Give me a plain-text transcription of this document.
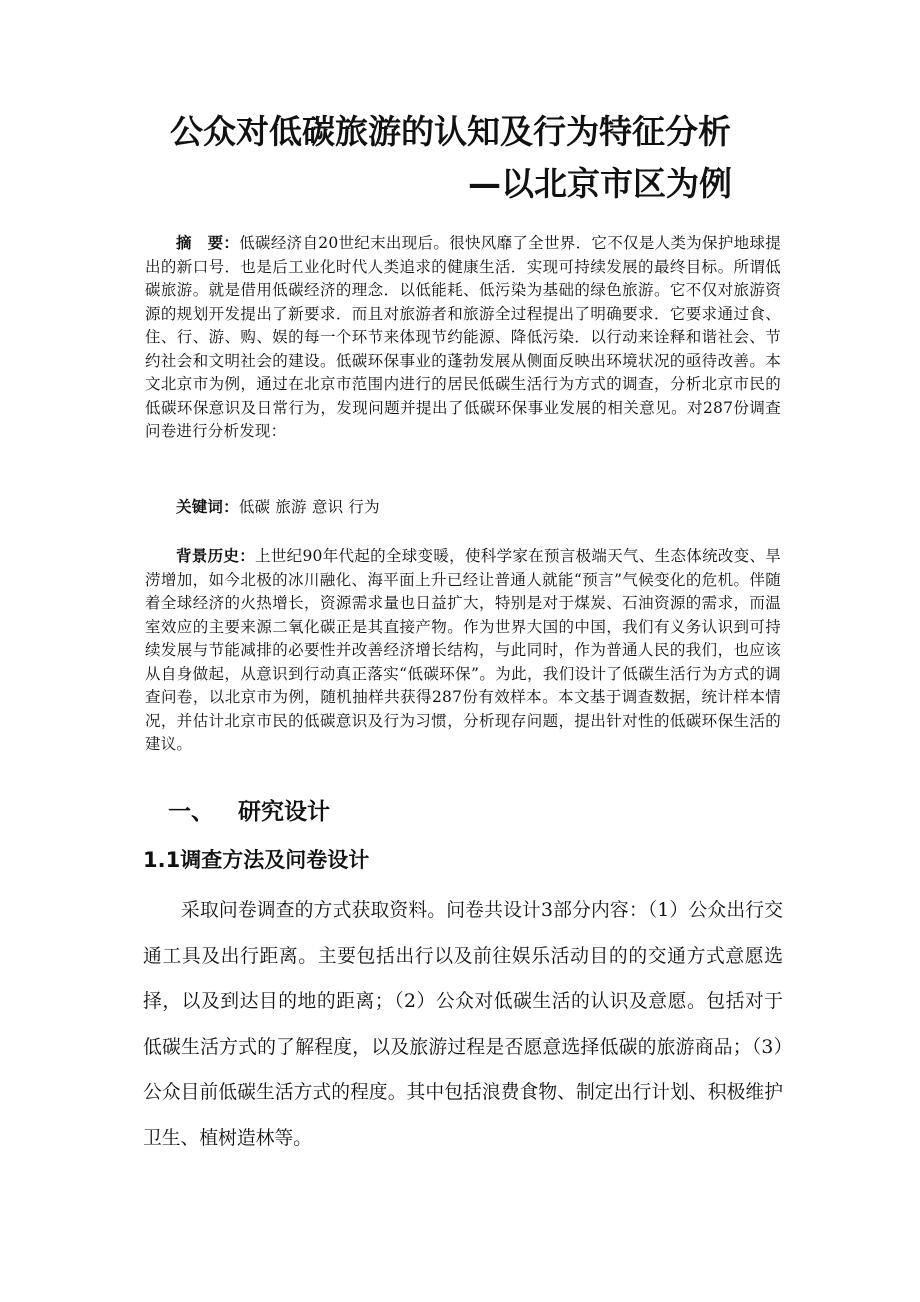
公众对低碳旅游的认知及行为特征分析
—以北京市区为例
摘　要：低碳经济自20世纪末出现后。很快风靡了全世界．它不仅是人类为保护地球提出的新口号．也是后工业化时代人类追求的健康生活．实现可持续发展的最终目标。所谓低碳旅游。就是借用低碳经济的理念．以低能耗、低污染为基础的绿色旅游。它不仅对旅游资源的规划开发提出了新要求．而且对旅游者和旅游全过程提出了明确要求．它要求通过食、住、行、游、购、娱的每一个环节来体现节约能源、降低污染．以行动来诠释和谐社会、节约社会和文明社会的建设。低碳环保事业的蓬勃发展从侧面反映出环境状况的亟待改善。本文北京市为例，通过在北京市范围内进行的居民低碳生活行为方式的调查，分析北京市民的低碳环保意识及日常行为，发现问题并提出了低碳环保事业发展的相关意见。对287份调查问卷进行分析发现：
关键词：低碳 旅游 意识 行为
背景历史：上世纪90年代起的全球变暖，使科学家在预言极端天气、生态体统改变、旱涝增加，如今北极的冰川融化、海平面上升已经让普通人就能“预言”气候变化的危机。伴随着全球经济的火热增长，资源需求量也日益扩大，特别是对于煤炭、石油资源的需求，而温室效应的主要来源二氧化碳正是其直接产物。作为世界大国的中国，我们有义务认识到可持续发展与节能减排的必要性并改善经济增长结构，与此同时，作为普通人民的我们，也应该从自身做起，从意识到行动真正落实“低碳环保”。为此，我们设计了低碳生活行为方式的调查问卷，以北京市为例，随机抽样共获得287份有效样本。本文基于调查数据，统计样本情况，并估计北京市民的低碳意识及行为习惯，分析现存问题，提出针对性的低碳环保生活的建议。
一、 研究设计
1.1调查方法及问卷设计
采取问卷调查的方式获取资料。问卷共设计3部分内容：（1）公众出行交通工具及出行距离。主要包括出行以及前往娱乐活动目的的交通方式意愿选择，以及到达目的地的距离；（2）公众对低碳生活的认识及意愿。包括对于低碳生活方式的了解程度，以及旅游过程是否愿意选择低碳的旅游商品；（3）公众目前低碳生活方式的程度。其中包括浪费食物、制定出行计划、积极维护卫生、植树造林等。
